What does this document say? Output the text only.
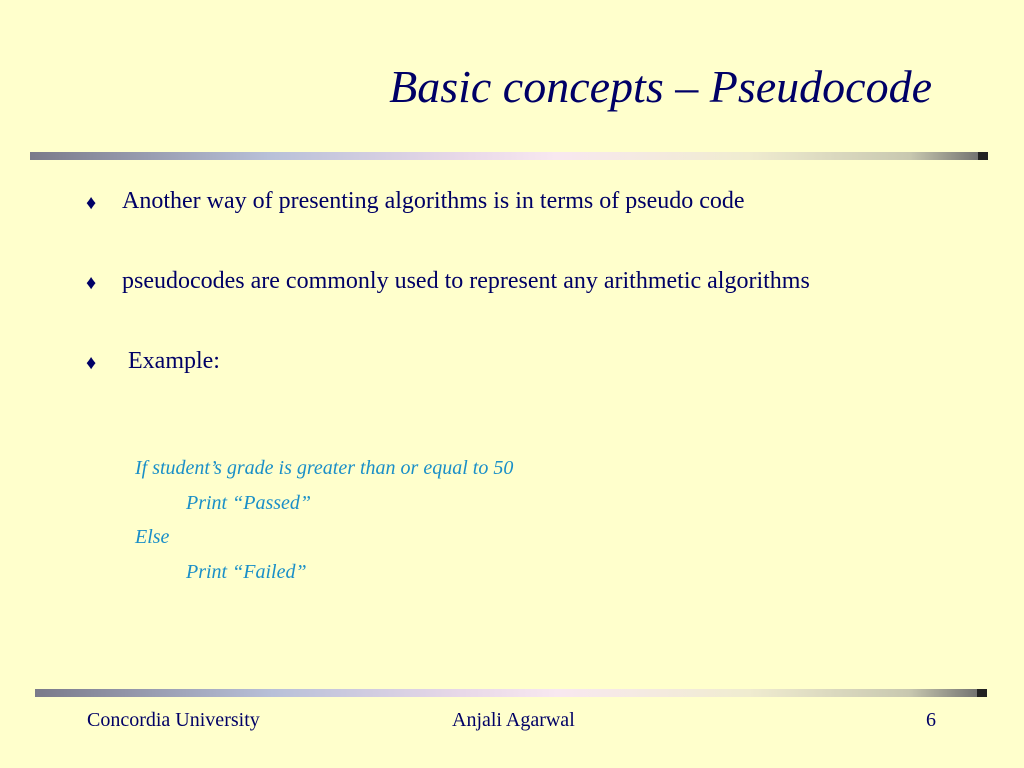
Basic concepts – Pseudocode
♦ Another way of presenting algorithms is in terms of pseudo code
♦ pseudocodes are commonly used to represent any arithmetic algorithms
♦ Example:
If student’s grade is greater than or equal to 50
Print “Passed”
Else
Print “Failed”
Concordia University	Anjali Agarwal	6
